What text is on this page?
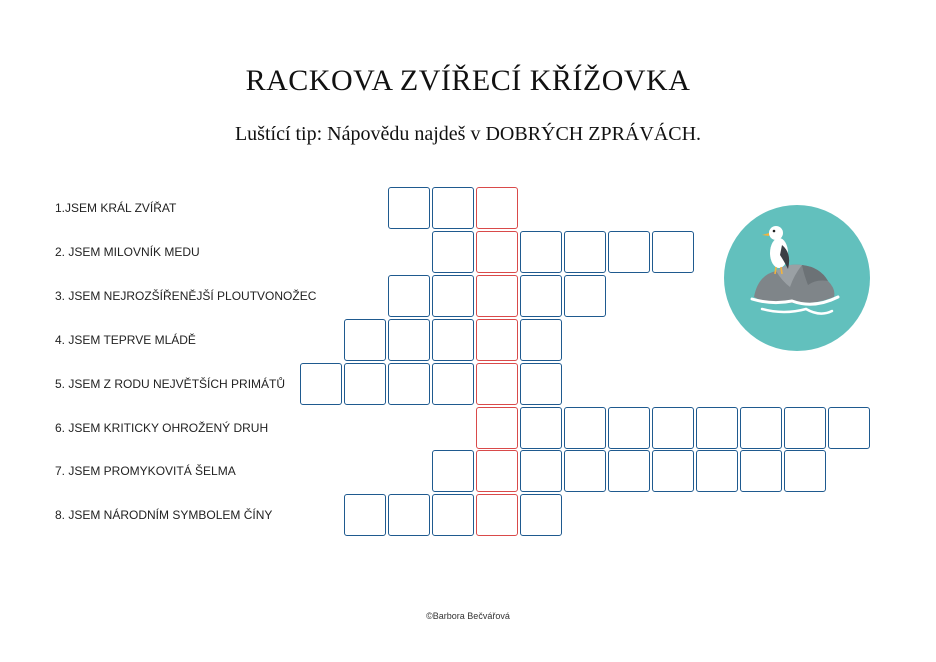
RACKOVA ZVÍŘECÍ KŘÍŽOVKA
Luštící tip: Nápovědu najdeš v DOBRÝCH ZPRÁVÁCH.
1.JSEM KRÁL ZVÍŘAT
2. JSEM MILOVNÍK MEDU
3. JSEM NEJROZŠÍŘENĚJŠÍ PLOUTVONOŽEC
4. JSEM TEPRVE MLÁDĚ
5. JSEM Z RODU NEJVĚTŠÍCH PRIMÁTŮ
6. JSEM KRITICKY OHROŽENÝ DRUH
7. JSEM PROMYKOVITÁ ŠELMA
8. JSEM NÁRODNÍM SYMBOLEM ČÍNY
©Barbora Bečvářová
